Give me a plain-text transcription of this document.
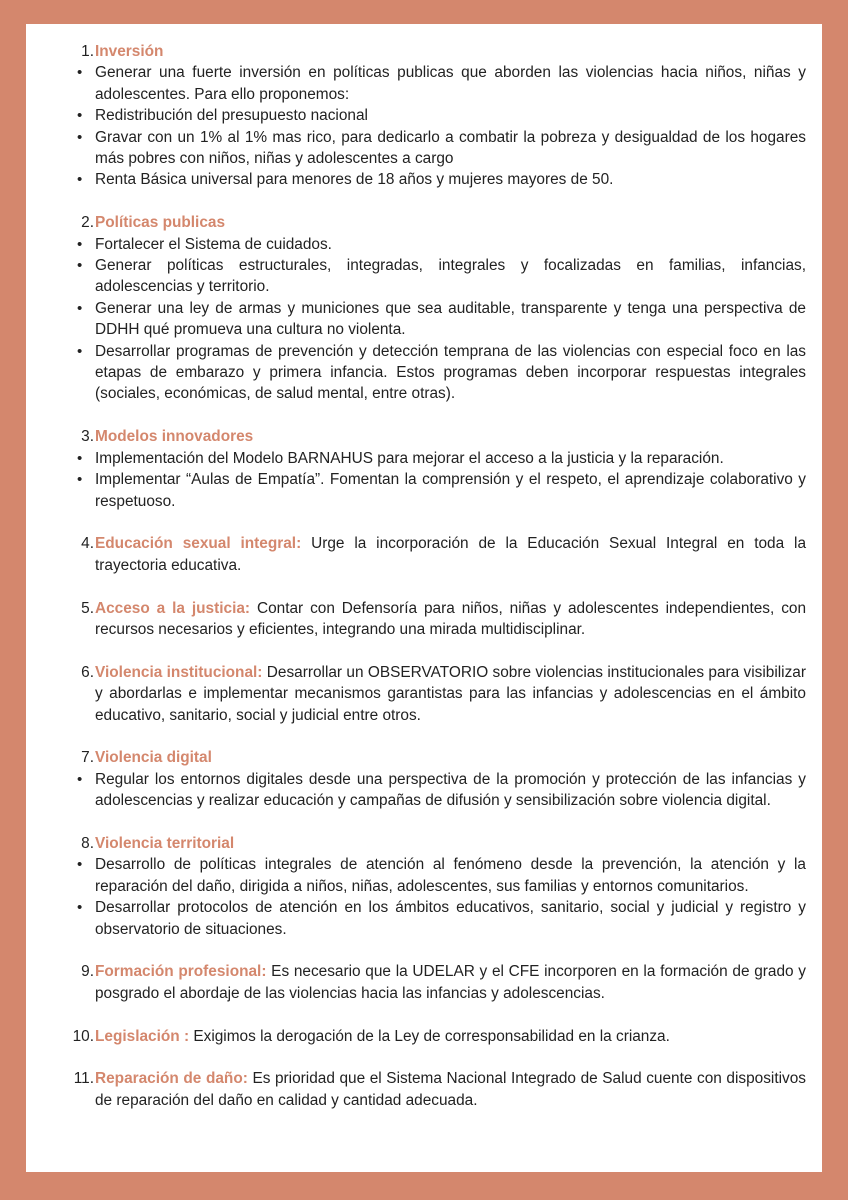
1. Inversión
• Generar una fuerte inversión en políticas publicas que aborden las violencias hacia niños, niñas y adolescentes. Para ello proponemos:
• Redistribución del presupuesto nacional
• Gravar con un 1% al 1% mas rico, para dedicarlo a combatir la pobreza y desigualdad de los hogares más pobres con niños, niñas y adolescentes a cargo
• Renta Básica universal para menores de 18 años y mujeres mayores de 50.
2. Políticas publicas
• Fortalecer el Sistema de cuidados.
• Generar políticas estructurales, integradas, integrales y focalizadas en familias, infancias, adolescencias y territorio.
• Generar una ley de armas y municiones que sea auditable, transparente y tenga una perspectiva de DDHH qué promueva una cultura no violenta.
• Desarrollar programas de prevención y detección temprana de las violencias con especial foco en las etapas de embarazo y primera infancia. Estos programas deben incorporar respuestas integrales (sociales, económicas, de salud mental, entre otras).
3. Modelos innovadores
• Implementación del Modelo BARNAHUS para mejorar el acceso a la justicia y la reparación.
• Implementar “Aulas de Empatía”. Fomentan la comprensión y el respeto, el aprendizaje colaborativo y respetuoso.
4. Educación sexual integral: Urge la incorporación de la Educación Sexual Integral en toda la trayectoria educativa.
5. Acceso a la justicia: Contar con Defensoría para niños, niñas y adolescentes independientes, con recursos necesarios y eficientes, integrando una mirada multidisciplinar.
6. Violencia institucional: Desarrollar un OBSERVATORIO sobre violencias institucionales para visibilizar y abordarlas e implementar mecanismos garantistas para las infancias y adolescencias en el ámbito educativo, sanitario, social y judicial entre otros.
7. Violencia digital
• Regular los entornos digitales desde una perspectiva de la promoción y protección de las infancias y adolescencias y realizar educación y campañas de difusión y sensibilización sobre violencia digital.
8. Violencia territorial
• Desarrollo de políticas integrales de atención al fenómeno desde la prevención, la atención y la reparación del daño, dirigida a niños, niñas, adolescentes, sus familias y entornos comunitarios.
• Desarrollar protocolos de atención en los ámbitos educativos, sanitario, social y judicial y registro y observatorio de situaciones.
9. Formación profesional: Es necesario que la UDELAR y el CFE incorporen en la formación de grado y posgrado el abordaje de las violencias hacia las infancias y adolescencias.
10. Legislación : Exigimos la derogación de la Ley de corresponsabilidad en la crianza.
11. Reparación de daño: Es prioridad que el Sistema Nacional Integrado de Salud cuente con dispositivos de reparación del daño en calidad y cantidad adecuada.
